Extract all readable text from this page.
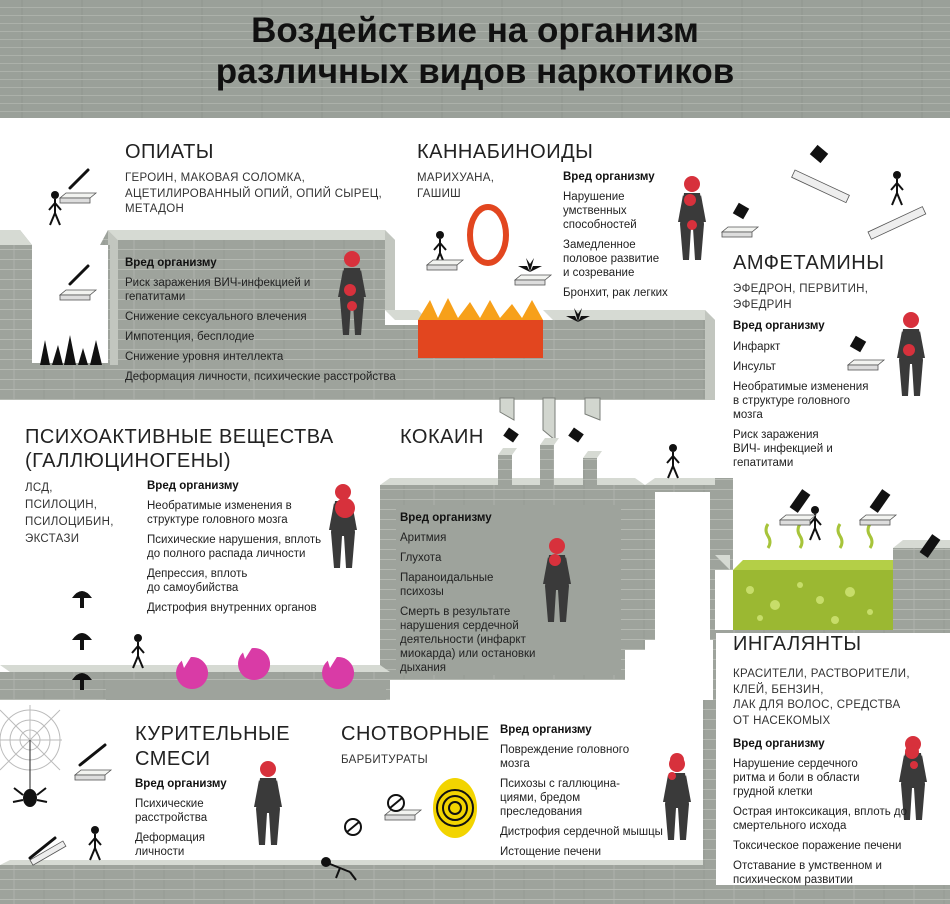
Воздействие на организм
различных видов наркотиков
ОПИАТЫ
ГЕРОИН, МАКОВАЯ СОЛОМКА,
АЦЕТИЛИРОВАННЫЙ ОПИЙ, ОПИЙ СЫРЕЦ,
МЕТАДОН
Вред организму
Риск заражения ВИЧ-инфекцией и гепатитами
Снижение сексуального влечения
Импотенция, бесплодие
Снижение уровня интеллекта
Деформация личности, психические расстройства
КАННАБИНОИДЫ
МАРИХУАНА,
ГАШИШ
Вред организму
Нарушение умственных способностей
Замедленное половое развитие и созревание
Бронхит, рак легких
АМФЕТАМИНЫ
ЭФЕДРОН, ПЕРВИТИН,
ЭФЕДРИН
Вред организму
Инфаркт
Инсульт
Необратимые изменения в структуре головного мозга
Риск заражения ВИЧ- инфекцией и гепатитами
ПСИХОАКТИВНЫЕ ВЕЩЕСТВА
(ГАЛЛЮЦИНОГЕНЫ)
ЛСД,
ПСИЛОЦИН,
ПСИЛОЦИБИН,
ЭКСТАЗИ
Вред организму
Необратимые изменения в структуре головного мозга
Психические нарушения, вплоть до полного распада личности
Депрессия, вплоть до самоубийства
Дистрофия внутренних органов
КОКАИН
Вред организму
Аритмия
Глухота
Параноидальные психозы
Смерть в результате нарушения сердечной деятельности (инфаркт миокарда) или остановки дыхания
ИНГАЛЯНТЫ
КРАСИТЕЛИ, РАСТВОРИТЕЛИ,
КЛЕЙ, БЕНЗИН,
ЛАК ДЛЯ ВОЛОС, СРЕДСТВА
ОТ НАСЕКОМЫХ
Вред организму
Нарушение сердечного ритма и боли в области грудной клетки
Острая интоксикация, вплоть до смертельного исхода
Токсическое поражение печени
Отставание в умственном и психическом развитии
КУРИТЕЛЬНЫЕ
СМЕСИ
Вред организму
Психические расстройства
Деформация личности
СНОТВОРНЫЕ
БАРБИТУРАТЫ
Вред организму
Повреждение головного мозга
Психозы с галлюцина-циями, бредом преследования
Дистрофия сердечной мышцы
Истощение печени
